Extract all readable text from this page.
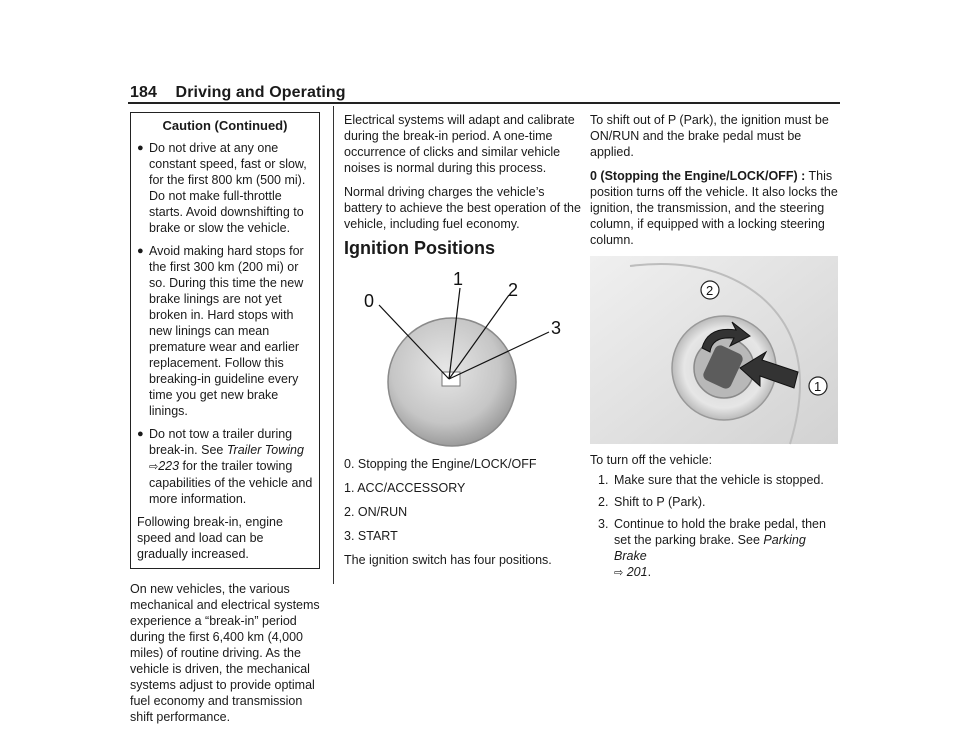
184 Driving and Operating
Caution (Continued)
● Do not drive at any one constant speed, fast or slow, for the first 800 km (500 mi). Do not make full-throttle starts. Avoid downshifting to brake or slow the vehicle.
● Avoid making hard stops for the first 300 km (200 mi) or so. During this time the new brake linings are not yet broken in. Hard stops with new linings can mean premature wear and earlier replacement. Follow this breaking-in guideline every time you get new brake linings.
● Do not tow a trailer during break-in. See Trailer Towing ⇨223 for the trailer towing capabilities of the vehicle and more information.

Following break-in, engine speed and load can be gradually increased.

On new vehicles, the various mechanical and electrical systems experience a “break-in” period during the first 6,400 km (4,000 miles) of routine driving. As the vehicle is driven, the mechanical systems adjust to provide optimal fuel economy and transmission shift performance.

Electrical systems will adapt and calibrate during the break-in period. A one-time occurrence of clicks and similar vehicle noises is normal during this process.

Normal driving charges the vehicle’s battery to achieve the best operation of the vehicle, including fuel economy.

Ignition Positions
0
1
2
3

0. Stopping the Engine/LOCK/OFF

1. ACC/ACCESSORY

2. ON/RUN

3. START

The ignition switch has four positions.

To shift out of P (Park), the ignition must be ON/RUN and the brake pedal must be applied.

0 (Stopping the Engine/LOCK/OFF) : This position turns off the vehicle. It also locks the ignition, the transmission, and the steering column, if equipped with a locking steering column.

2
1

To turn off the vehicle:

1. Make sure that the vehicle is stopped.
2. Shift to P (Park).
3. Continue to hold the brake pedal, then set the parking brake. See Parking Brake
⇨ 201.
